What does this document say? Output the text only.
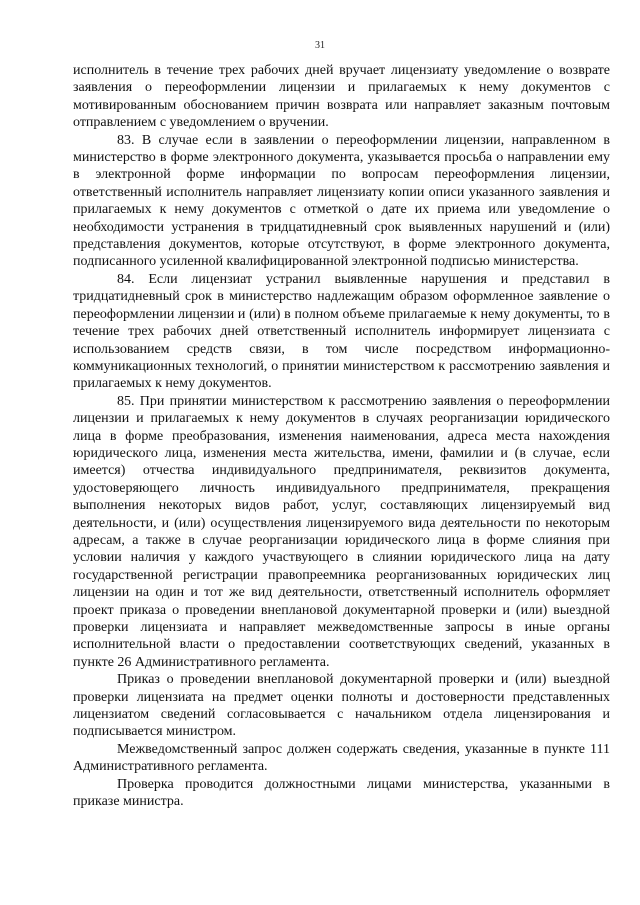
31

исполнитель в течение трех рабочих дней вручает лицензиату уведомление о возврате заявления о переоформлении лицензии и прилагаемых к нему документов с мотивированным обоснованием причин возврата или направляет заказным почтовым отправлением с уведомлением о вручении.

83. В случае если в заявлении о переоформлении лицензии, направленном в министерство в форме электронного документа, указывается просьба о направлении ему в электронной форме информации по вопросам переоформления лицензии, ответственный исполнитель направляет лицензиату копии описи указанного заявления и прилагаемых к нему документов с отметкой о дате их приема или уведомление о необходимости устранения в тридцатидневный срок выявленных нарушений и (или) представления документов, которые отсутствуют, в форме электронного документа, подписанного усиленной квалифицированной электронной подписью министерства.

84. Если лицензиат устранил выявленные нарушения и представил в тридцатидневный срок в министерство надлежащим образом оформленное заявление о переоформлении лицензии и (или) в полном объеме прилагаемые к нему документы, то в течение трех рабочих дней ответственный исполнитель информирует лицензиата с использованием средств связи, в том числе посредством информационно-коммуникационных технологий, о принятии министерством к рассмотрению заявления и прилагаемых к нему документов.

85. При принятии министерством к рассмотрению заявления о переоформлении лицензии и прилагаемых к нему документов в случаях реорганизации юридического лица в форме преобразования, изменения наименования, адреса места нахождения юридического лица, изменения места жительства, имени, фамилии и (в случае, если имеется) отчества индивидуального предпринимателя, реквизитов документа, удостоверяющего личность индивидуального предпринимателя, прекращения выполнения некоторых видов работ, услуг, составляющих лицензируемый вид деятельности, и (или) осуществления лицензируемого вида деятельности по некоторым адресам, а также в случае реорганизации юридического лица в форме слияния при условии наличия у каждого участвующего в слиянии юридического лица на дату государственной регистрации правопреемника реорганизованных юридических лиц лицензии на один и тот же вид деятельности, ответственный исполнитель оформляет проект приказа о проведении внеплановой документарной проверки и (или) выездной проверки лицензиата и направляет межведомственные запросы в иные органы исполнительной власти о предоставлении соответствующих сведений, указанных в пункте 26 Административного регламента.

Приказ о проведении внеплановой документарной проверки и (или) выездной проверки лицензиата на предмет оценки полноты и достоверности представленных лицензиатом сведений согласовывается с начальником отдела лицензирования и подписывается министром.

Межведомственный запрос должен содержать сведения, указанные в пункте 111 Административного регламента.

Проверка проводится должностными лицами министерства, указанными в приказе министра.
